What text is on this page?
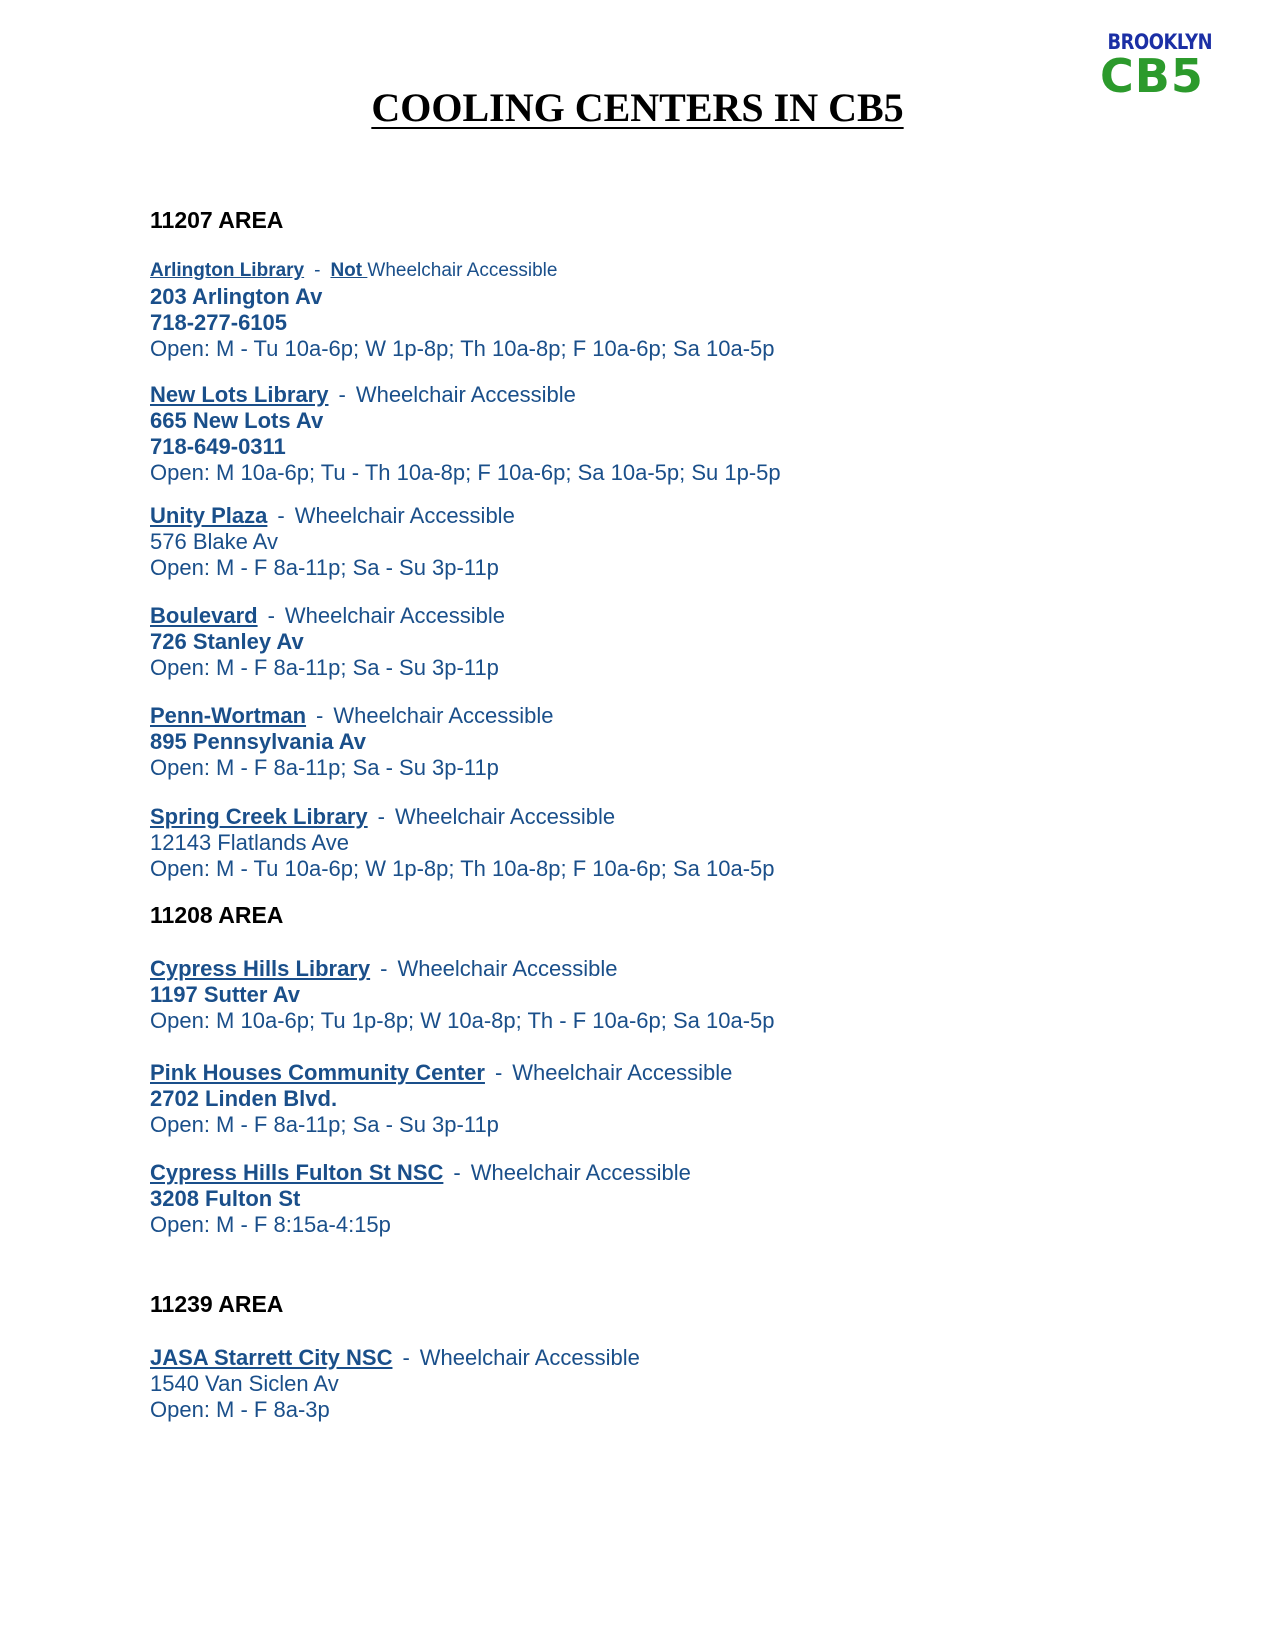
BROOKLYN
CB5
COOLING CENTERS IN CB5
11207 AREA
Arlington Library - Not Wheelchair Accessible
203 Arlington Av
718-277-6105
Open: M - Tu 10a-6p; W 1p-8p; Th 10a-8p; F 10a-6p; Sa 10a-5p
New Lots Library - Wheelchair Accessible
665 New Lots Av
718-649-0311
Open: M 10a-6p; Tu - Th 10a-8p; F 10a-6p; Sa 10a-5p; Su 1p-5p
Unity Plaza - Wheelchair Accessible
576 Blake Av
Open: M - F 8a-11p; Sa - Su 3p-11p
Boulevard - Wheelchair Accessible
726 Stanley Av
Open: M - F 8a-11p; Sa - Su 3p-11p
Penn-Wortman - Wheelchair Accessible
895 Pennsylvania Av
Open: M - F 8a-11p; Sa - Su 3p-11p
Spring Creek Library - Wheelchair Accessible
12143 Flatlands Ave
Open: M - Tu 10a-6p; W 1p-8p; Th 10a-8p; F 10a-6p; Sa 10a-5p
11208 AREA
Cypress Hills Library - Wheelchair Accessible
1197 Sutter Av
Open: M 10a-6p; Tu 1p-8p; W 10a-8p; Th - F 10a-6p; Sa 10a-5p
Pink Houses Community Center - Wheelchair Accessible
2702 Linden Blvd.
Open: M - F 8a-11p; Sa - Su 3p-11p
Cypress Hills Fulton St NSC - Wheelchair Accessible
3208 Fulton St
Open: M - F 8:15a-4:15p
11239 AREA
JASA Starrett City NSC - Wheelchair Accessible
1540 Van Siclen Av
Open: M - F 8a-3p
